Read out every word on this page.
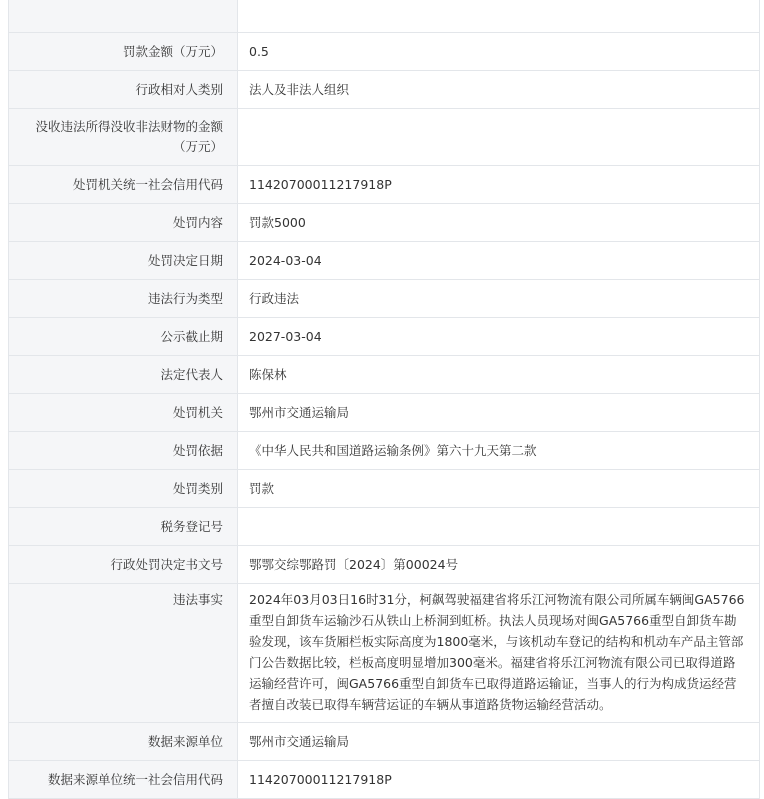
罚款金额（万元）	0.5
行政相对人类别	法人及非法人组织
没收违法所得没收非法财物的金额（万元）	
处罚机关统一社会信用代码	11420700011217918P
处罚内容	罚款5000
处罚决定日期	2024-03-04
违法行为类型	行政违法
公示截止期	2027-03-04
法定代表人	陈保林
处罚机关	鄂州市交通运输局
处罚依据	《中华人民共和国道路运输条例》第六十九天第二款
处罚类别	罚款
税务登记号	
行政处罚决定书文号	鄂鄂交综鄂路罚〔2024〕第00024号
违法事实	2024年03月03日16时31分，柯飙驾驶福建省将乐江河物流有限公司所属车辆闽GA5766重型自卸货车运输沙石从铁山上桥洞到虹桥。执法人员现场对闽GA5766重型自卸货车勘验发现，该车货厢栏板实际高度为1800毫米，与该机动车登记的结构和机动车产品主管部门公告数据比较，栏板高度明显增加300毫米。福建省将乐江河物流有限公司已取得道路运输经营许可，闽GA5766重型自卸货车已取得道路运输证，当事人的行为构成货运经营者擅自改装已取得车辆营运证的车辆从事道路货物运输经营活动。
数据来源单位	鄂州市交通运输局
数据来源单位统一社会信用代码	11420700011217918P
